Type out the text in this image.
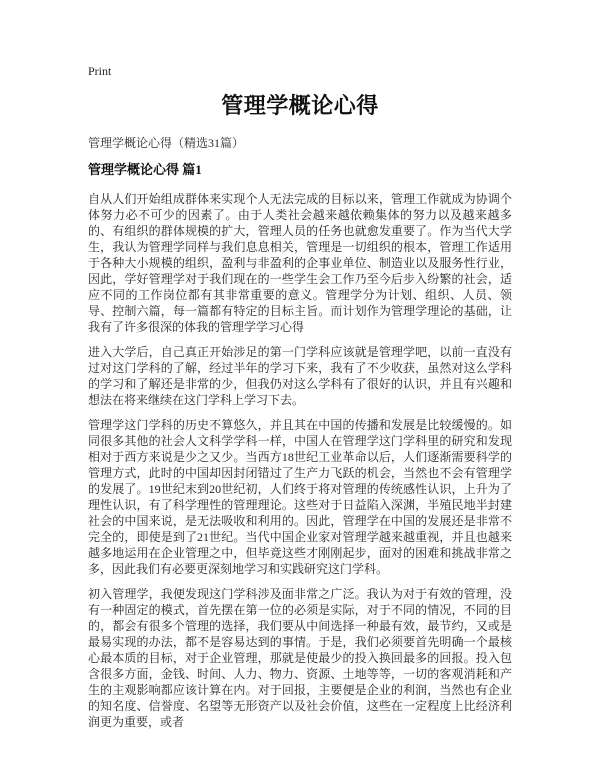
Print
管理学概论心得
管理学概论心得（精选31篇）
管理学概论心得 篇1

自从人们开始组成群体来实现个人无法完成的目标以来，管理工作就成为协调个体努力必不可少的因素了。由于人类社会越来越依赖集体的努力以及越来越多的、有组织的群体规模的扩大，管理人员的任务也就愈发重要了。作为当代大学生，我认为管理学同样与我们息息相关，管理是一切组织的根本，管理工作适用于各种大小规模的组织，盈利与非盈利的企事业单位、制造业以及服务性行业，因此，学好管理学对于我们现在的一些学生会工作乃至今后步入纷繁的社会，适应不同的工作岗位都有其非常重要的意义。管理学分为计划、组织、人员、领导、控制六篇，每一篇都有特定的目标主旨。而计划作为管理学理论的基础，让我有了许多很深的体我的管理学学习心得

进入大学后，自己真正开始涉足的第一门学科应该就是管理学吧，以前一直没有过对这门学科的了解，经过半年的学习下来，我有了不少收获，虽然对这么学科的学习和了解还是非常的少，但我仍对这么学科有了很好的认识，并且有兴趣和想法在将来继续在这门学科上学习下去。

管理学这门学科的历史不算悠久，并且其在中国的传播和发展是比较缓慢的。如同很多其他的社会人文科学学科一样，中国人在管理学这门学科里的研究和发现相对于西方来说是少之又少。当西方18世纪工业革命以后，人们逐渐需要科学的管理方式，此时的中国却因封闭错过了生产力飞跃的机会，当然也不会有管理学的发展了。19世纪末到20世纪初，人们终于将对管理的传统感性认识，上升为了理性认识，有了科学理性的管理理论。这些对于日益陷入深渊，半殖民地半封建社会的中国来说，是无法吸收和利用的。因此，管理学在中国的发展还是非常不完全的，即使是到了21世纪。当代中国企业家对管理学越来越重视，并且也越来越多地运用在企业管理之中，但毕竟这些才刚刚起步，面对的困难和挑战非常之多，因此我们有必要更深刻地学习和实践研究这门学科。

初入管理学，我便发现这门学科涉及面非常之广泛。我认为对于有效的管理，没有一种固定的模式，首先摆在第一位的必须是实际，对于不同的情况，不同的目的，都会有很多个管理的选择，我们要从中间选择一种最有效，最节约，又或是最易实现的办法，都不是容易达到的事情。于是，我们必须要首先明确一个最核心最本质的目标，对于企业管理，那就是使最少的投入换回最多的回报。投入包含很多方面，金钱、时间、人力、物力、资源、土地等等，一切的客观消耗和产生的主观影响都应该计算在内。对于回报，主要便是企业的利润，当然也有企业的知名度、信誉度、名望等无形资产以及社会价值，这些在一定程度上比经济利润更为重要，或者
